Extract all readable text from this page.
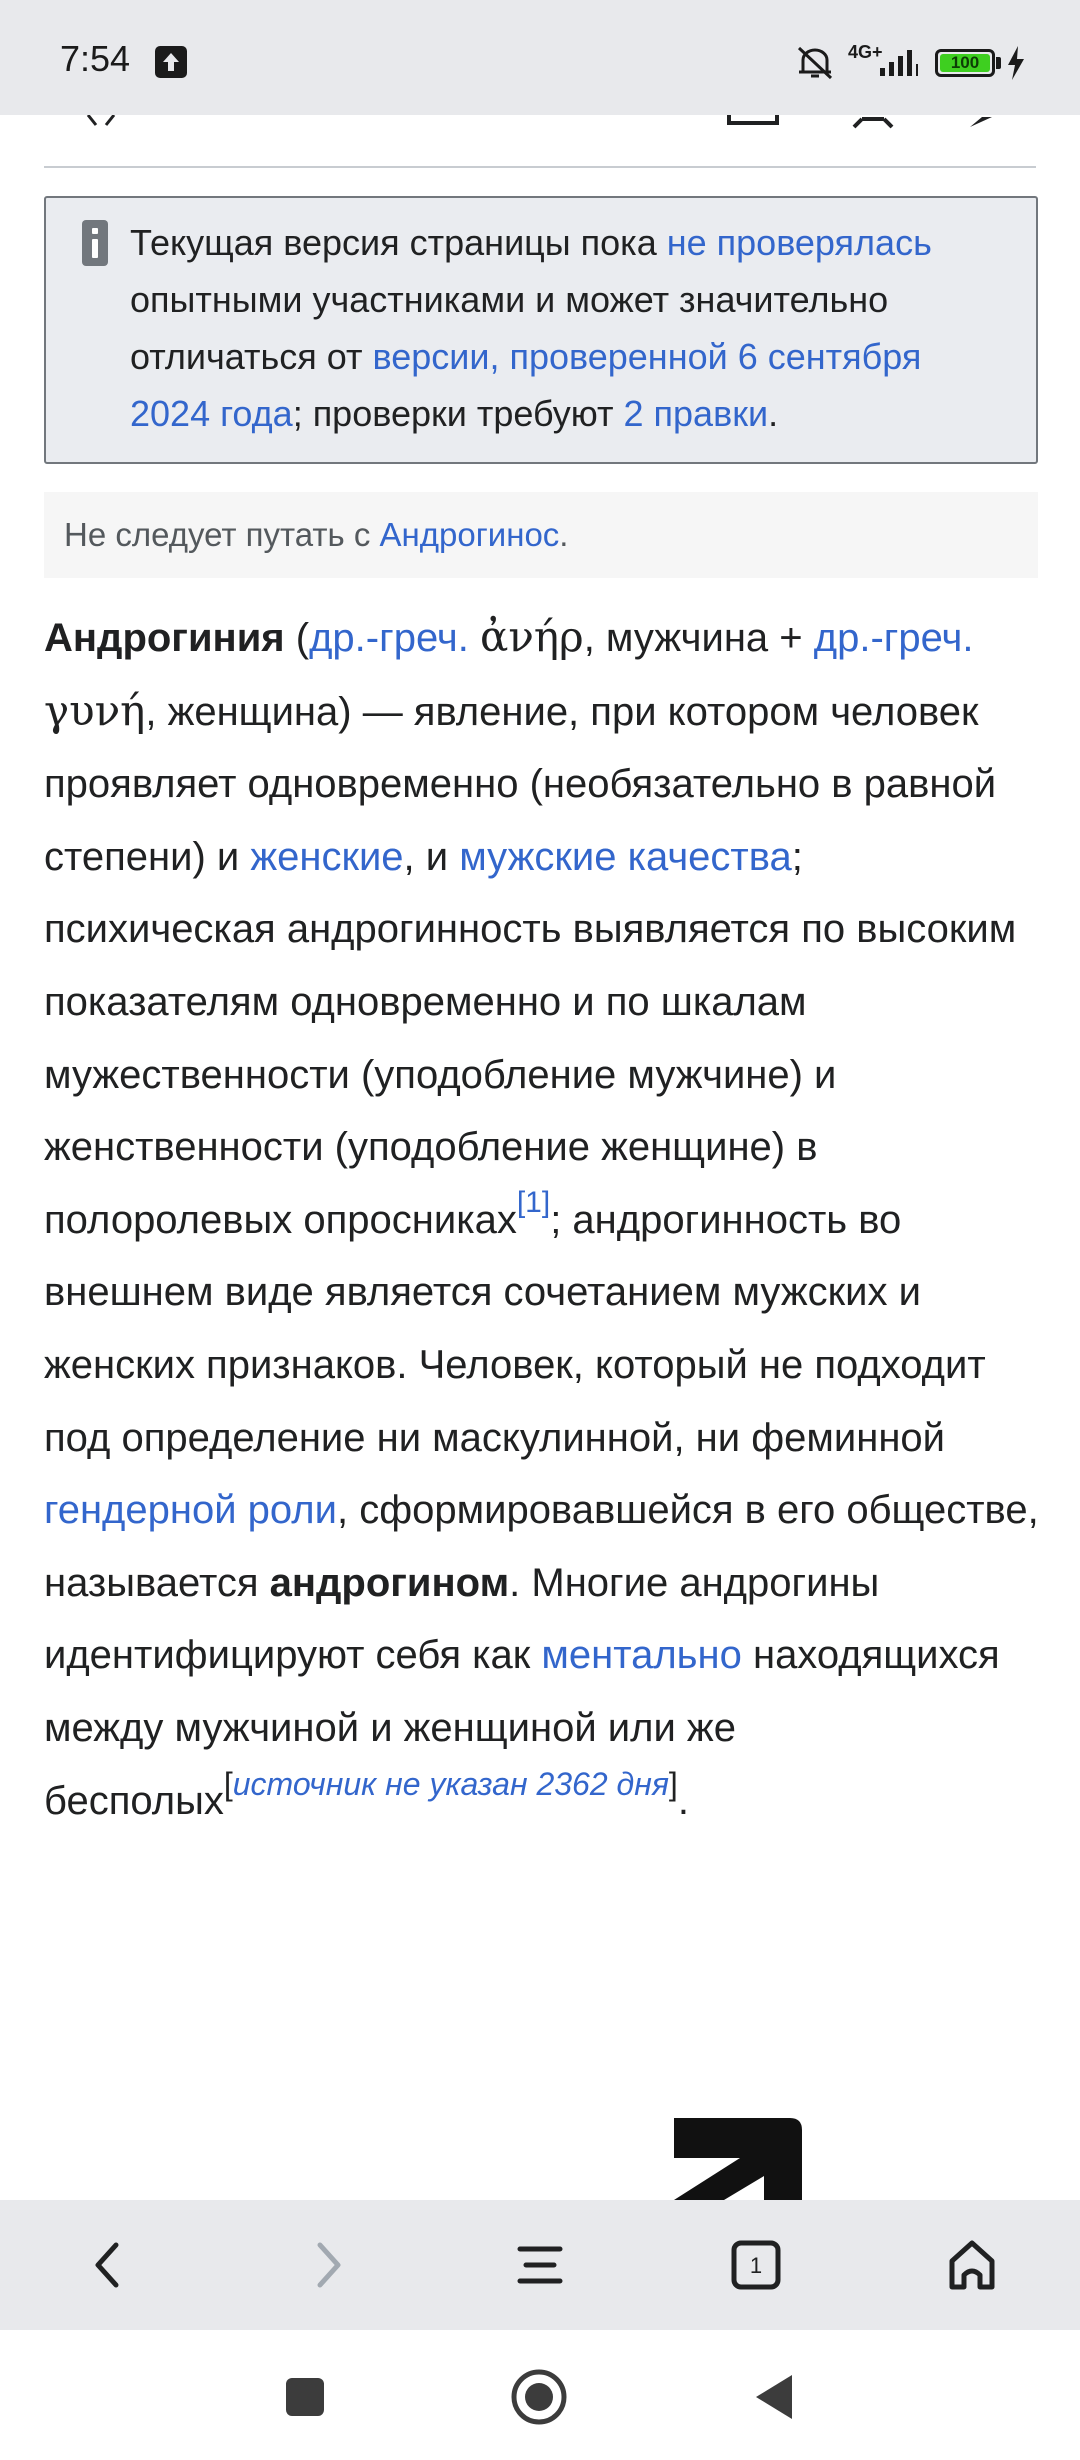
7:54	4G+
100
Текущая версия страницы пока не проверялась опытными участниками и может значительно отличаться от версии, проверенной 6 сентября 2024 года; проверки требуют 2 правки.
Не следует путать с Андрогинос.
Андрогиния (др.-греч. ἀνήρ, мужчина + др.-греч. γυνή, женщина) — явление, при котором человек проявляет одновременно (необязательно в равной степени) и женские, и мужские качества; психическая андрогинность выявляется по высоким показателям одновременно и по шкалам мужественности (уподобление мужчине) и женственности (уподобление женщине) в полоролевых опросниках[1]; андрогинность во внешнем виде является сочетанием мужских и женских признаков. Человек, который не подходит под определение ни маскулинной, ни феминной гендерной роли, сформировавшейся в его обществе, называется андрогином. Многие андрогины идентифицируют себя как ментально находящихся между мужчиной и женщиной или же бесполых[источник не указан 2362 дня].
1
